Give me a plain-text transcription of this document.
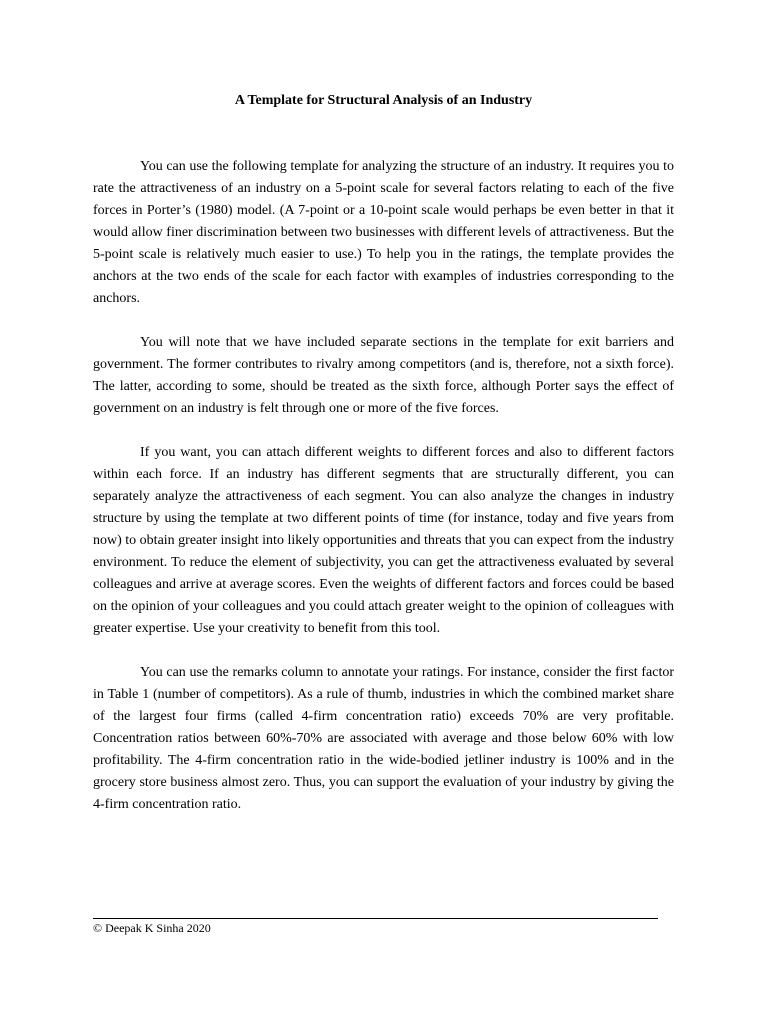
A Template for Structural Analysis of an Industry

You can use the following template for analyzing the structure of an industry. It requires you to rate the attractiveness of an industry on a 5-point scale for several factors relating to each of the five forces in Porter’s (1980) model. (A 7-point or a 10-point scale would perhaps be even better in that it would allow finer discrimination between two businesses with different levels of attractiveness. But the 5-point scale is relatively much easier to use.) To help you in the ratings, the template provides the anchors at the two ends of the scale for each factor with examples of industries corresponding to the anchors.

You will note that we have included separate sections in the template for exit barriers and government. The former contributes to rivalry among competitors (and is, therefore, not a sixth force). The latter, according to some, should be treated as the sixth force, although Porter says the effect of government on an industry is felt through one or more of the five forces.

If you want, you can attach different weights to different forces and also to different factors within each force. If an industry has different segments that are structurally different, you can separately analyze the attractiveness of each segment. You can also analyze the changes in industry structure by using the template at two different points of time (for instance, today and five years from now) to obtain greater insight into likely opportunities and threats that you can expect from the industry environment. To reduce the element of subjectivity, you can get the attractiveness evaluated by several colleagues and arrive at average scores. Even the weights of different factors and forces could be based on the opinion of your colleagues and you could attach greater weight to the opinion of colleagues with greater expertise. Use your creativity to benefit from this tool.

You can use the remarks column to annotate your ratings. For instance, consider the first factor in Table 1 (number of competitors). As a rule of thumb, industries in which the combined market share of the largest four firms (called 4-firm concentration ratio) exceeds 70% are very profitable. Concentration ratios between 60%-70% are associated with average and those below 60% with low profitability. The 4-firm concentration ratio in the wide-bodied jetliner industry is 100% and in the grocery store business almost zero. Thus, you can support the evaluation of your industry by giving the 4-firm concentration ratio.

© Deepak K Sinha 2020
